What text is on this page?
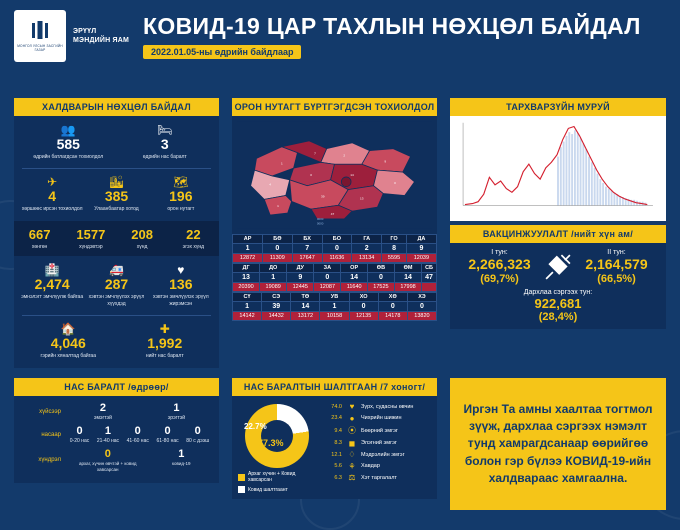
МОНГОЛ УЛСЫН ЗАСГИЙН ГАЗАР
ЭРҮҮЛ
МЭНДИЙН ЯАМ
КОВИД-19 ЦАР ТАХЛЫН НӨХЦӨЛ БАЙДАЛ
2022.01.05-ны өдрийн байдлаар
ХАЛДВАРЫН НӨХЦӨЛ БАЙДАЛ
👥
585
өдрийн батлагдсан тохиолдол
🛏
3
өдрийн нас баралт
✈
4
хөршөөс ирсэн тохиолдол
🏙
385
Улаанбаатар хотод
🗺
196
орон нутагт
667
хөнгөн
1577
хүндэвтэр
208
хүнд
22
эгэх хүнд
🏥
2,474
эмнэлэгт эмчлүүлж байгаа
🚑
287
хэвтэн эмчлүүлэх эрүүл хүүхдэд
♥
136
хэвтэн эмчлүүлэх эрүүл жирэмсэн
🏠
4,046
гэрийн хяналтад байгаа
✚
1,992
нийт нас баралт
ОРОН НУТАГТ БҮРТГЭГДСЭН ТОХИОЛДОЛ
1
7	2
9
0	14
0
4
39	13
1
47
0000
0000
АР	БӨ	БХ	БО	ГА	ГО	ДА
1	0	7	0	2	8	9
12872	11309	17647	11636	13134	5595	12039
ДГ	ДО	ДУ	ЗА	ОР	ӨВ	ӨМ	СБ
13	1	9	0	14	0	14	47
20390	19089	12445	12087	11640	17525	17998	
СҮ	СЭ	ТӨ	УВ	ХО	ХӨ	ХЭ
1	39	14	1	0	0	0
14142	14432	13172	10158	12135	14178	13820
ТАРХВАРЗҮЙН МУРУЙ
ВАКЦИНЖУУЛАЛТ /нийт хүн ам/
I тун:
2,266,323
(69,7%)
II тун:
2,164,579
(66,5%)
Дархлаа сэргээх тун:
922,681
(28,4%)
НАС БАРАЛТ /өдрөөр/
хүйсээр	2
эмэгтэй
1
эрэгтэй
насаар	0
0-20 нас
1
21-40 нас
0
41-60 нас
0
61-80 нас
0
80 с дээш
хүндрэл
0
архаг, хүчин өвчтэй + ковид хавсарсан
1
ковид-19
НАС БАРАЛТЫН ШАЛТГААН /7 хоногт/
22.7%
77.3%
Архаг хүчин + Ковид хавсарсан
Ковид шалтгаант
74.0 ♥	Зүрх, судасны өвчин
23.4 ●	Чихрийн шижин
9.4 ⦿ Бөөрний эмгэг
8.3 ◼	Элэгний эмгэг
12.1 ♢ Мэдрэлийн эмгэг
5.6 ⚘ Хавдар
6.3 ⚖ Хэт таргалалт
Иргэн Та амны хаалтаа тогтмол зүүж, дархлаа сэргээх нэмэлт тунд хамрагдсанаар өөрийгөө болон гэр бүлээ КОВИД-19-ийн халдвараас хамгаална.
